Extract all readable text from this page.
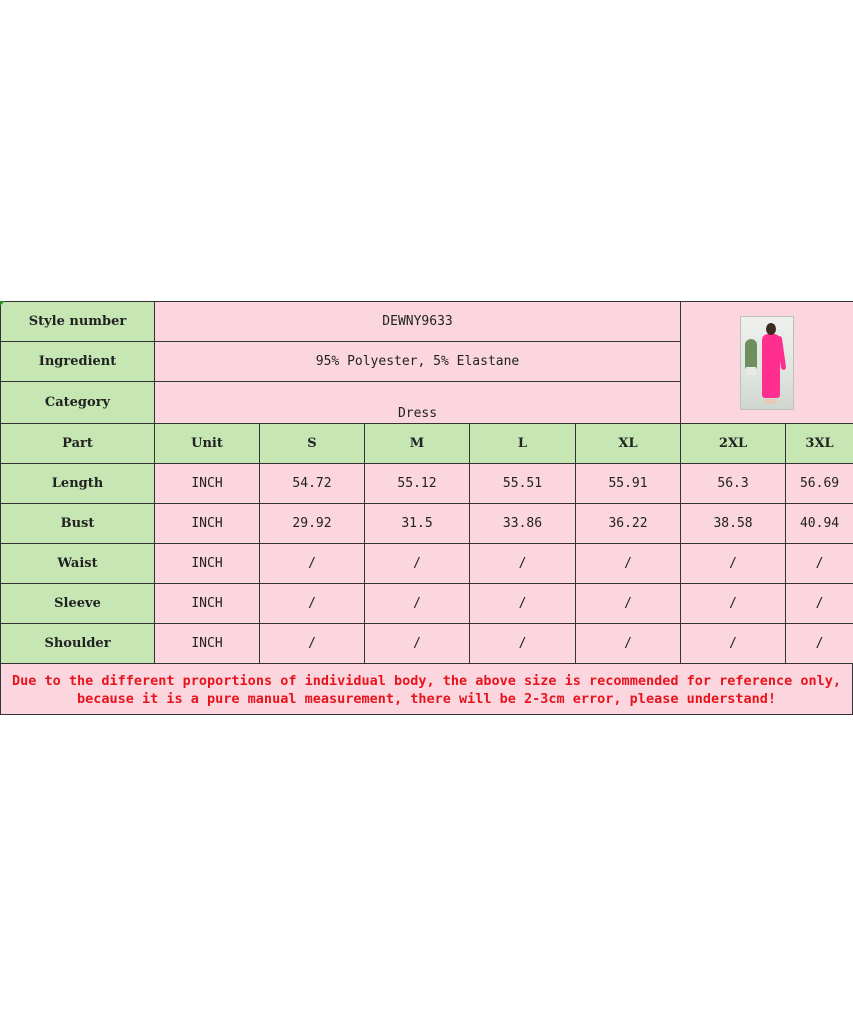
Style number	DEWNY9633						

Ingredient	95% Polyester, 5% Elastane						
Category	Dress						
Part	Unit	S	M	L	XL	2XL	3XL
Length	INCH	54.72	55.12	55.51	55.91	56.3	56.69
Bust	INCH	29.92	31.5	33.86	36.22	38.58	40.94
Waist	INCH	/	/	/	/	/	/
Sleeve	INCH	/	/	/	/	/	/
Shoulder	INCH	/	/	/	/	/	/
Due to the different proportions of individual body, the above size is recommended for reference only, because it is a pure manual measurement, there will be 2-3cm error, please understand!
